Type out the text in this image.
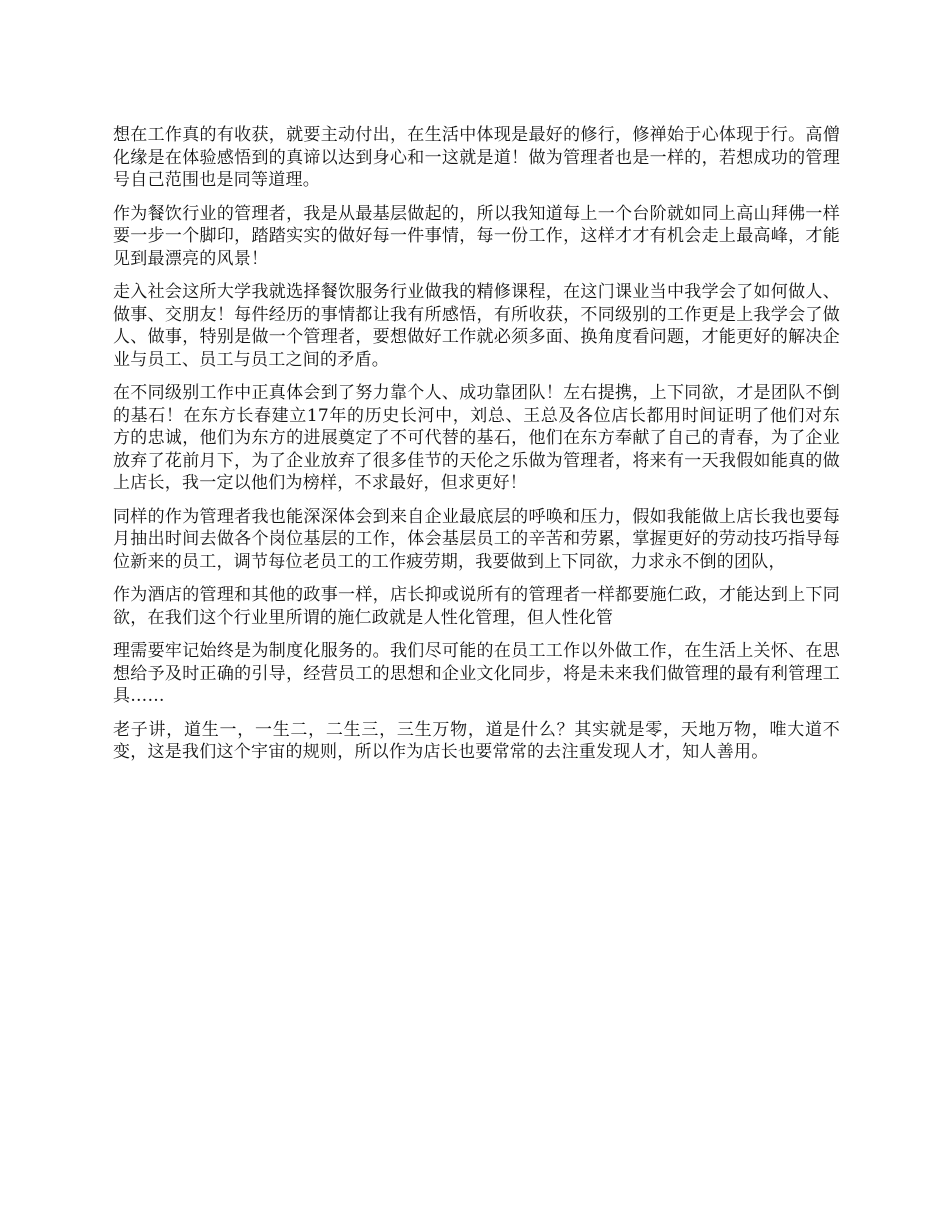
想在工作真的有收获，就要主动付出，在生活中体现是最好的修行，修禅始于心体现于行。高僧化缘是在体验感悟到的真谛以达到身心和一这就是道！做为管理者也是一样的，若想成功的管理号自己范围也是同等道理。

作为餐饮行业的管理者，我是从最基层做起的，所以我知道每上一个台阶就如同上高山拜佛一样要一步一个脚印，踏踏实实的做好每一件事情，每一份工作，这样才才有机会走上最高峰，才能见到最漂亮的风景！

走入社会这所大学我就选择餐饮服务行业做我的精修课程，在这门课业当中我学会了如何做人、做事、交朋友！每件经历的事情都让我有所感悟，有所收获，不同级别的工作更是上我学会了做人、做事，特别是做一个管理者，要想做好工作就必须多面、换角度看问题，才能更好的解决企业与员工、员工与员工之间的矛盾。

在不同级别工作中正真体会到了努力靠个人、成功靠团队！左右提携，上下同欲，才是团队不倒的基石！在东方长春建立17年的历史长河中，刘总、王总及各位店长都用时间证明了他们对东方的忠诚，他们为东方的进展奠定了不可代替的基石，他们在东方奉献了自己的青春，为了企业放弃了花前月下，为了企业放弃了很多佳节的天伦之乐做为管理者，将来有一天我假如能真的做上店长，我一定以他们为榜样，不求最好，但求更好！

同样的作为管理者我也能深深体会到来自企业最底层的呼唤和压力，假如我能做上店长我也要每月抽出时间去做各个岗位基层的工作，体会基层员工的辛苦和劳累，掌握更好的劳动技巧指导每位新来的员工，调节每位老员工的工作疲劳期，我要做到上下同欲，力求永不倒的团队，

作为酒店的管理和其他的政事一样，店长抑或说所有的管理者一样都要施仁政，才能达到上下同欲，在我们这个行业里所谓的施仁政就是人性化管理，但人性化管

理需要牢记始终是为制度化服务的。我们尽可能的在员工工作以外做工作，在生活上关怀、在思想给予及时正确的引导，经营员工的思想和企业文化同步，将是未来我们做管理的最有利管理工具……

老子讲，道生一，一生二，二生三，三生万物，道是什么？其实就是零，天地万物，唯大道不变，这是我们这个宇宙的规则，所以作为店长也要常常的去注重发现人才，知人善用。
